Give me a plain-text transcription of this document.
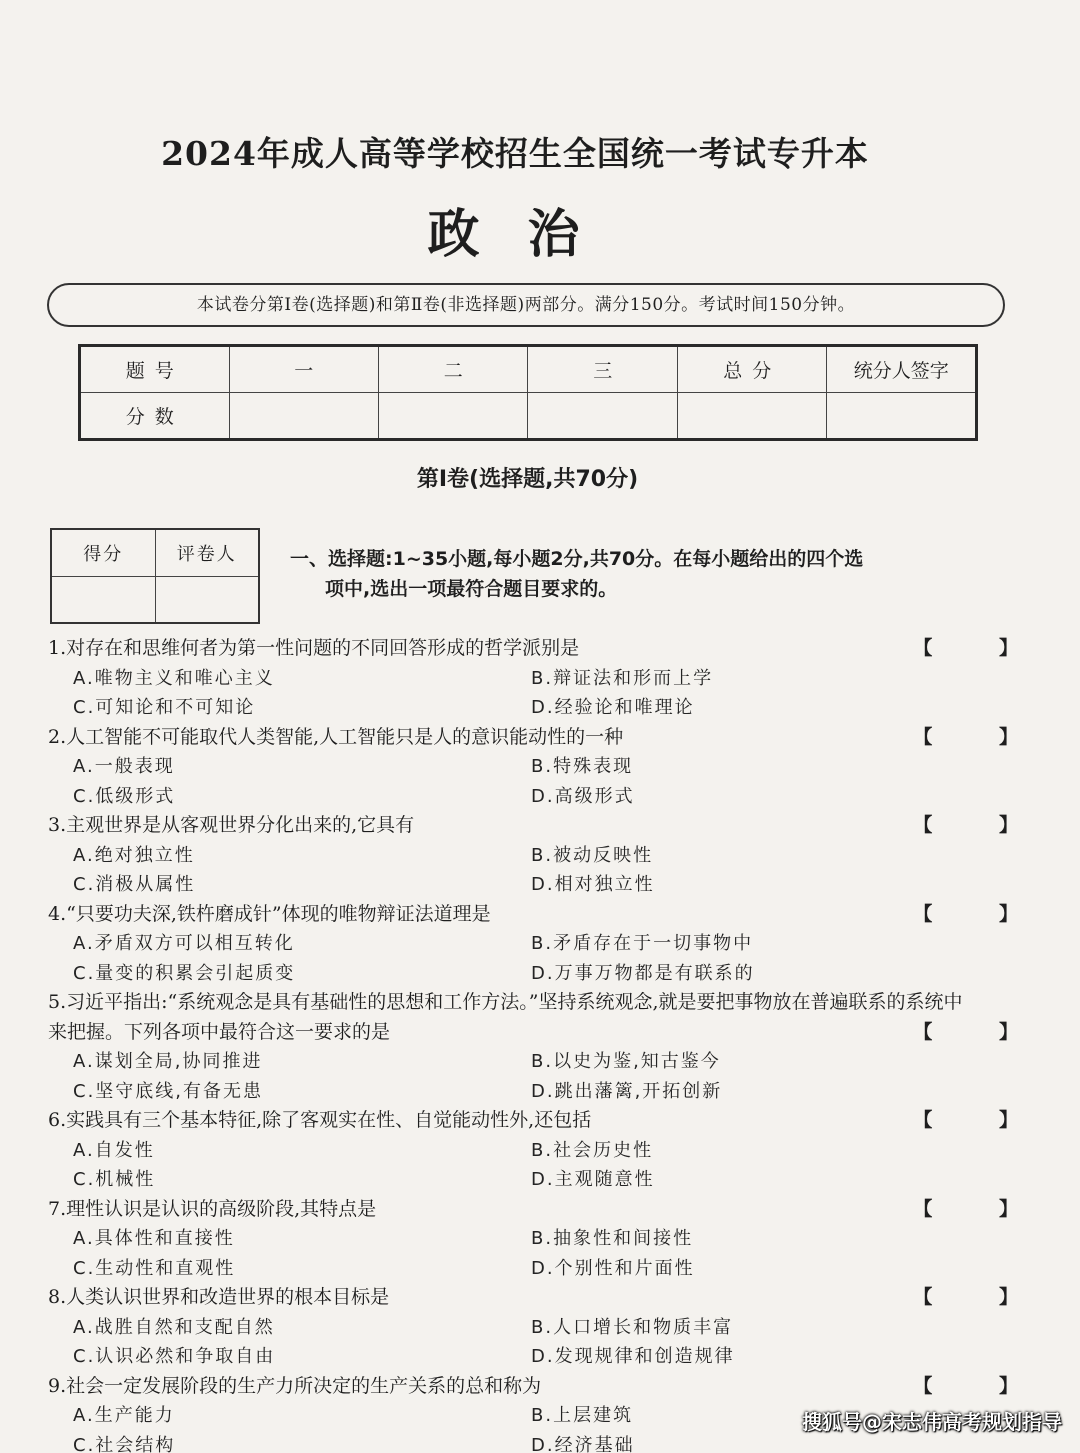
2024年成人高等学校招生全国统一考试专升本
政治
本试卷分第Ⅰ卷(选择题)和第Ⅱ卷(非选择题)两部分。满分150分。考试时间150分钟。
题号	一	二	三	总分	统分人签字
分数					
第Ⅰ卷(选择题,共70分)
得分	评卷人
		一、选择题:1~35小题,每小题2分,共70分。在每小题给出的四个选
项中,选出一项最符合题目要求的。
1.对存在和思维何者为第一性问题的不同回答形成的哲学派别是	【 】
A.唯物主义和唯心主义	B.辩证法和形而上学
C.可知论和不可知论	D.经验论和唯理论
2.人工智能不可能取代人类智能,人工智能只是人的意识能动性的一种	【 】
A.一般表现	B.特殊表现
C.低级形式	D.高级形式
3.主观世界是从客观世界分化出来的,它具有	【 】
A.绝对独立性	B.被动反映性
C.消极从属性	D.相对独立性
4.“只要功夫深,铁杵磨成针”体现的唯物辩证法道理是	【 】
A.矛盾双方可以相互转化	B.矛盾存在于一切事物中
C.量变的积累会引起质变	D.万事万物都是有联系的
5.习近平指出:“系统观念是具有基础性的思想和工作方法。”坚持系统观念,就是要把事物放在普遍联系的系统中来把握。下列各项中最符合这一要求的是	【 】
A.谋划全局,协同推进	B.以史为鉴,知古鉴今
C.坚守底线,有备无患	D.跳出藩篱,开拓创新
6.实践具有三个基本特征,除了客观实在性、自觉能动性外,还包括	【 】
A.自发性	B.社会历史性
C.机械性	D.主观随意性
7.理性认识是认识的高级阶段,其特点是	【 】
A.具体性和直接性	B.抽象性和间接性
C.生动性和直观性	D.个别性和片面性
8.人类认识世界和改造世界的根本目标是	【 】
A.战胜自然和支配自然	B.人口增长和物质丰富
C.认识必然和争取自由	D.发现规律和创造规律
9.社会一定发展阶段的生产力所决定的生产关系的总和称为	【 】
A.生产能力	B.上层建筑
C.社会结构	D.经济基础
搜狐号@宋志伟高考规划指导
